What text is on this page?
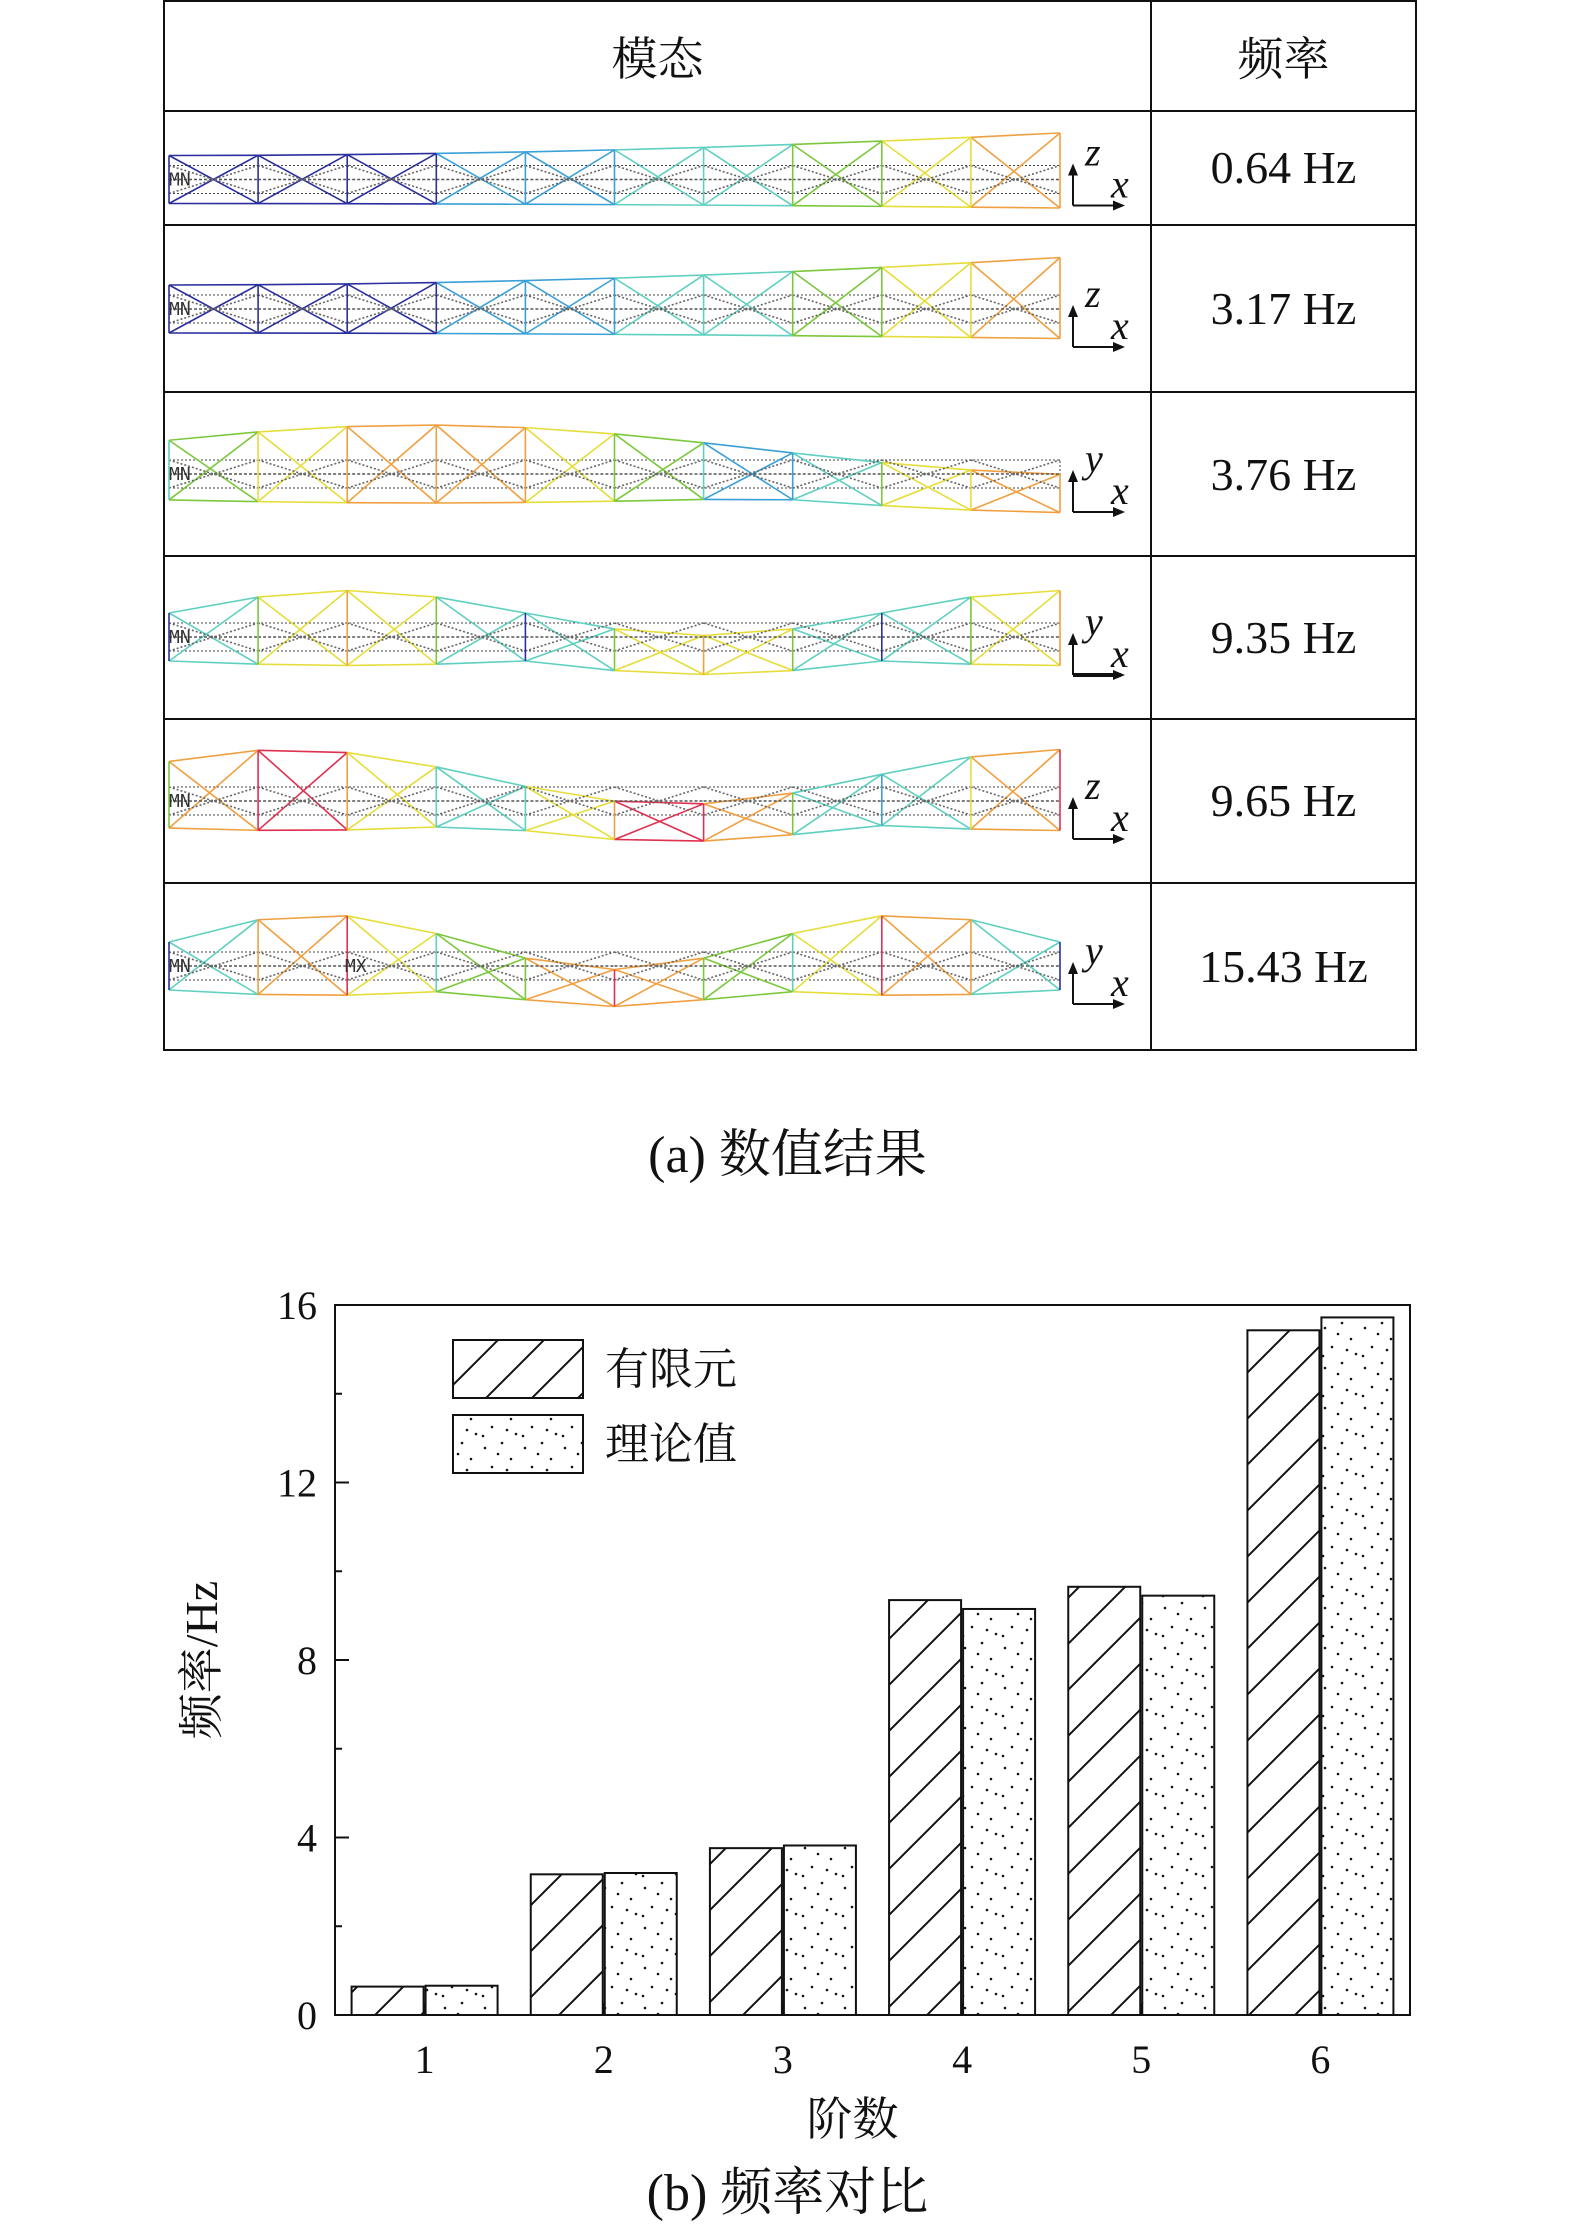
模态	频率

MN
z
x	0.64 Hz

MN z
x	3.17 Hz

MN y
x	3.76 Hz

MN y
x	9.35 Hz

MN z
x	9.65 Hz

MN MX y
x	15.43 Hz
(a) 数值结果
0
4
8
12
16
1	2	3	4	5	6
阶数
频率/Hz
有限元
理论值
(b) 频率对比
